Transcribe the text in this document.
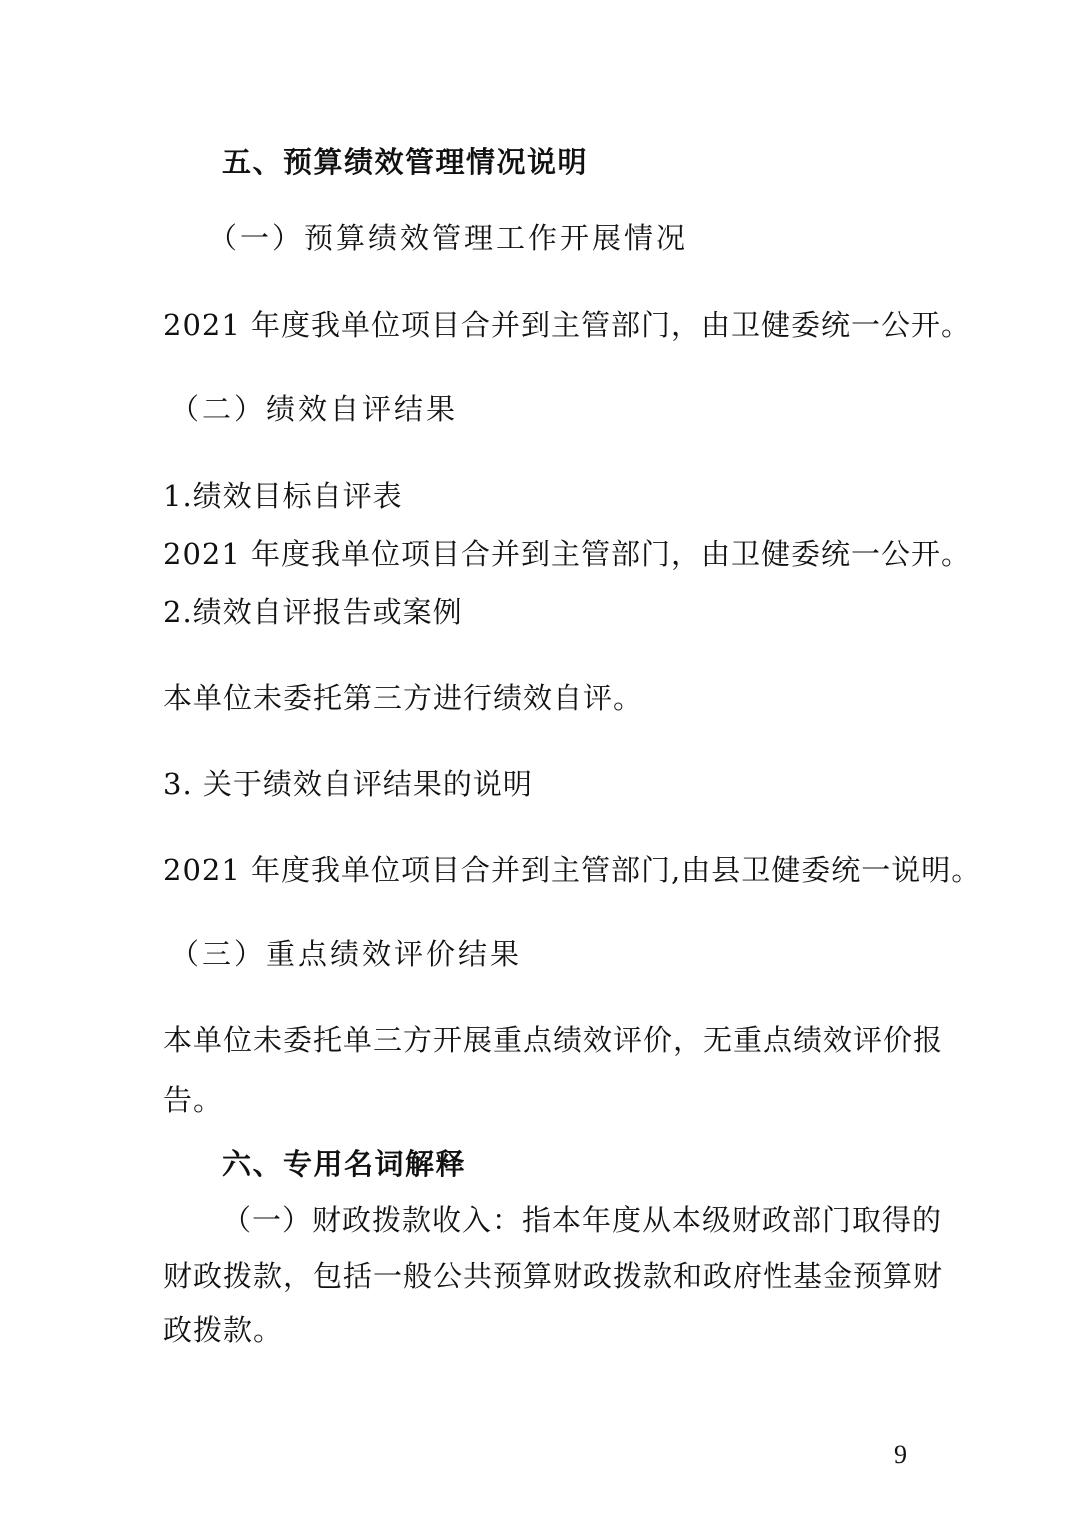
五、预算绩效管理情况说明
（一）预算绩效管理工作开展情况
2021 年度我单位项目合并到主管部门，由卫健委统一公开。
（二）绩效自评结果
1.绩效目标自评表
2021 年度我单位项目合并到主管部门，由卫健委统一公开。
2.绩效自评报告或案例
本单位未委托第三方进行绩效自评。
3. 关于绩效自评结果的说明
2021 年度我单位项目合并到主管部门,由县卫健委统一说明。
（三）重点绩效评价结果
本单位未委托单三方开展重点绩效评价，无重点绩效评价报
告。
六、专用名词解释
（一）财政拨款收入：指本年度从本级财政部门取得的
财政拨款，包括一般公共预算财政拨款和政府性基金预算财
政拨款。
9
